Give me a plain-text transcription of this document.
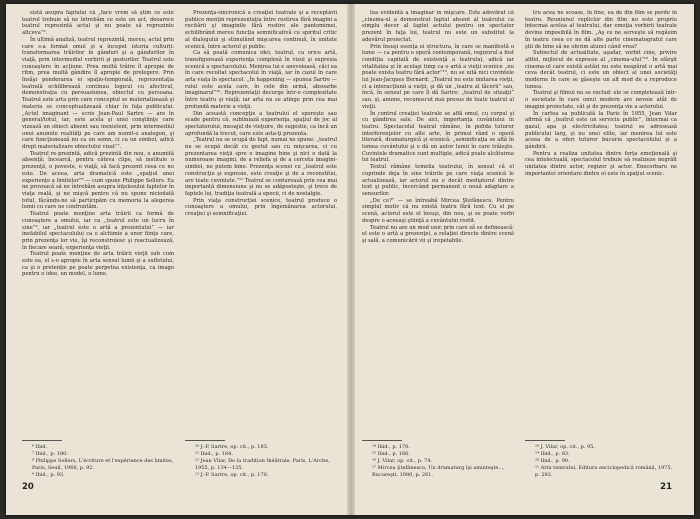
sistă asupra faptului că „face vrem să ştim ce este teatrul trebuie să ne întrebăm ce este un act, deoarece teatrul reprezintă actul şi nu poate să reprezinte altceva”⁶.

În ultimă analiză, teatrul reprezintă, mereu, actul prin care s-a format omul şi a început istoria culturii: transformarea trăirilor în gânduri şi a gândurilor în viaţă, prin intermediul vorbirii şi gesturilor. Teatrul este cunoaştere în acţiune. Prea multă trăire îl apropie de ritm, prea multă gândire îl apropie de prelegere. Prin însăşi ponderarea ei spaţio-temporală, reprezentaţia teatrală echilibrează continuu logicul cu afectivul, demonstraţia cu persuasiunea, obiectul cu persoana. Teatrul este arta prin care conceptul se materializează şi materia se conceptualizează chiar în faţa publicului. „Actul imaginant — scrie Jean-Paul Sartre — are în general/totul, iar, este acela şi unei conştiinţe care vizează un obiect absent sau inexistent, prin intermediul unui anumite realităţi pe care am numit-o analogon, şi care funcţionează nu ca un semn, ci ca un simbol, adică drept materializare obiectului vizat”⁷.

Teatrul re-prezintă, adică prezintă din nou, o anumită absenţă; încearcă, pentru câteva clipe, să instituie o prezenţă, o poveste, o viaţă, să facă prezent ceea ce nu este. De aceea, arta dramatică este „spaţiul unei experienţe a limitelor”⁸ — cum spune Philippe Sollers. Ea ne provoacă să ne întrebăm asupra înţelesului faptelor în viaţa reală, şi ne mişcă pentru că nu spune niciodată totul, făcându-ne să participăm cu memoria la alegerea lumii cu care ne confruntăm.

Teatrul poate menţine arta trăirii ca formă de cunoaştere a omului, iar ca ,,teatrul este un lucru în sine”⁹, iar „teatrul este o artă a prezentului” — iar inefabilul spectacolului ca o alchimie a unor fiinţe care, prin prezenţa lor vie, îşi reconstruiesc şi reactualizează, în fiecare seară, experienţa vieţii.

Teatrul poate menţine de arta trăirii vieţii sub cum este ea, el s-o apropie în arta sensul lumii şi a sufletului, ca şi o pretenţie pe poate perpetua existenţa, ca imago pentru o idee, un model, o lume.

Prezenţa-sincronică a creaţiei teatrale şi a receptării publice mențin reprezentaţia între rostirea fără imagini a recitării şi imaginile fără rostire ale pantomimei, echilibrând mereu funcţia semnificativă cu spiritul critic al dialogului şi stimulând mişcarea continuă, în unitate scenică, între actorul şi public.

Ca să poată comunica idei, teatrul, ca orice artă, transfigurează experienţa complexă în vizul şi expresia scenică a spectacolului. Menirea lui e anevoioasă, căci ea în care recoltat spectacolul în viaţă, iar în cazul în care arta viaţa în spectacol. „În happening — spunea Sartre — rolul este acela care, în cele din urmă, absoarbe imaginarul”¹⁰. Reprezentaţii decurge într-o complexitate între teatru şi viaţă; iar arta nu se atinge prin cea mai profundă materie a vieţii.

Din această concepţie a teatrului el sporeşte sau scade pentru că, subliniază experienţa, spaţiul de joc al spectatorului, mesajul de vieţuire, de sugestie, ca încă un aprofundă la trecut, care este asta-ţi prezenta.

„Teatrul nu se ocupă de fapt, numai ne spune: „teatrul nu se ocupă decât cu gestul sau cu mişcarea, ci cu prezentarea vieţii spre o imagine bine şi nici o dată la numeroase imagini, de a reliefa şi de a cerceta imagini-simbol, ne putem bine. Prezenţa scenei cu „teatrul este construcţie şi expresie, este creaţie şi de a reconstitui, are toate cuvintele.”¹¹ Teatrul se conturează prin cea mai importantă dimensiune şi nu se adăposteşte, şi trece de faptele lui, tradiţia teatrală a epocii, ci de nostalgie.

Prin viaţa construcţiei scenice, teatrul produce o cunoaştere a omului, prin îngemănarea actorului, creaţiei şi semnificaţiei.

⁶ Ibid.
⁷ Ibid., p. 190.
⁸ Philippe Sollers, L'écriture et l'expérience des limites, Paris, Seuil, 1968, p. 92.
⁹ Ibid., p. 93.
¹⁰ J.-P. Sartre, op. cit., p. 183.
¹¹ Ibid., p. 184.
¹² Jean Vilar, De la tradition théâtrale, Paris, L'Arche, 1955, p. 134—135.
¹³ J.-P. Sartre, op. cit., p. 170.
20

tea evidentă a imaginar în mişcare. Este adevărat că „cinema-ul a demonstrat faptul absent al teatrului ca simplu decor al faptei actului pentru un spectator prezent în faţa lui, teatrul nu este un substitut la adevărul proiectat.

Prin însuşi esenţa ei structura, în care se manifestă o lume — ca pentru o operă contemporană, regizorul a fost condiţia capitală de existenţă a teatrului, adică iar vitalitatea şi în acelaşi timp ca o artă a vieţii scenice „nu poate exista teatru fără actor”¹⁵, nu se uită nici cuvintele lui Jean-Jacques Bernard: „Teatrul nu este imitarea vieţii, ci a interacţiunii a vieţii, şi dă un „teatru al tăcerii” sau, încă, în sensul pe care îl dă Sartre: „teatrul de situaţii” sau, şi, anume, recunoscut mai presus de toate teatrul al vieţii.

În contrul creaţiei teatrale se află omul, cu corpul şi cu gândirea sale. De aici, importanţa cuvântului în teatru. Spectacolul teatral rămâne, în pofida tuturor interferenţelor cu alte arte, în primul rând o operă literară, dramaturgică şi scenică: „semnificaţia se află în lumea cuvântului şi o dă un autor lumii în care trăieşte. Cuvintele dramatice sunt multiple, adică poate alcătuirea lui teatrul.

Textul rămâne temelia teatrului, în sensul că el cuprinde deja în sine trăirile pe care viaţa scenică le actualizează, iar actorul nu e decât mediatorul dintre text şi public, încercând permanent o nouă adaptare a sensurilor.

„De ce?” — se întreabă Mircea Ştefănescu. Pentru simplul motiv că nu există teatru fără text. Cu el pe scenă, actorul este el însuşi, din nou, şi se poate vorbi despre o aceeaşi ştiinţă a cuvântului rostit.

Teatrul nu are un mod unic prin care să se definească: el este o artă a prezenţei, a relaţiei directe dintre scenă şi sală, a comunicării vii şi irepetabile.

tru acea ne scoase, în fine, ea de din film se perde în teatru. Reuniunul repliclor din film nu este propriu întocmai acelea al teatrului, dar emoţia vorbirii teatrale devine imposibilă în film. „Aş ce ne serveşte să regăsim în teatru ceea ce ne dă alte parte cinematograful care ştii de bine să ne oferim atunci când vrea?

Subiectul de actualitate, aşadar, vorbit cine, privire altfel, mijlocul de expresie al „cinema-ului”¹⁶. În sfârşit cinema-ul care există astăzi nu este neapărat o artă mai ceva decât teatrul, ci este un obiect al unei societăţi moderne în care se găseşte un alt mod de a reproduce lumea.

Teatrul şi filmul nu se exclud: ele se completează într-o societate în care omul modern are nevoie atât de imagini proiectate, cât şi de prezenţa vie a actorului.

În cartea sa publicată la Paris în 1955, Jean Vilar afirmă că „teatrul este un serviciu public”, întocmai ca gazul, apa şi electricitatea; teatrul se adresează publicului larg, şi nu unei elite, iar menirea lui este aceea de a oferi tuturor bucuria spectacolului şi a gândirii.

Pentru a realiza unitatea dintre forţa emoţională şi cea intelectuală, spectacolul trebuie să realizeze negrăit unitatea dintre actor, regizor şi actor. Enecorbaru ne importantei orientare dintre ei este în spaţiul scenic.

¹⁴ Ibid., p. 170.
¹⁵ Ibid., p. 186.
¹⁶ J. Vilar, op. cit., p. 74.
¹⁷ Mircea Ştefănescu, Un dramaturg îşi aminteşte..., Bucureşti, 1980, p. 261.
¹⁸ J. Vilar, op. cit., p. 95.
¹⁹ Ibid., p. 83.
²⁰ Ibid., p. 90.
²¹ Arta teatrului, Editura enciclopedică română, 1975, p. 292.
21
